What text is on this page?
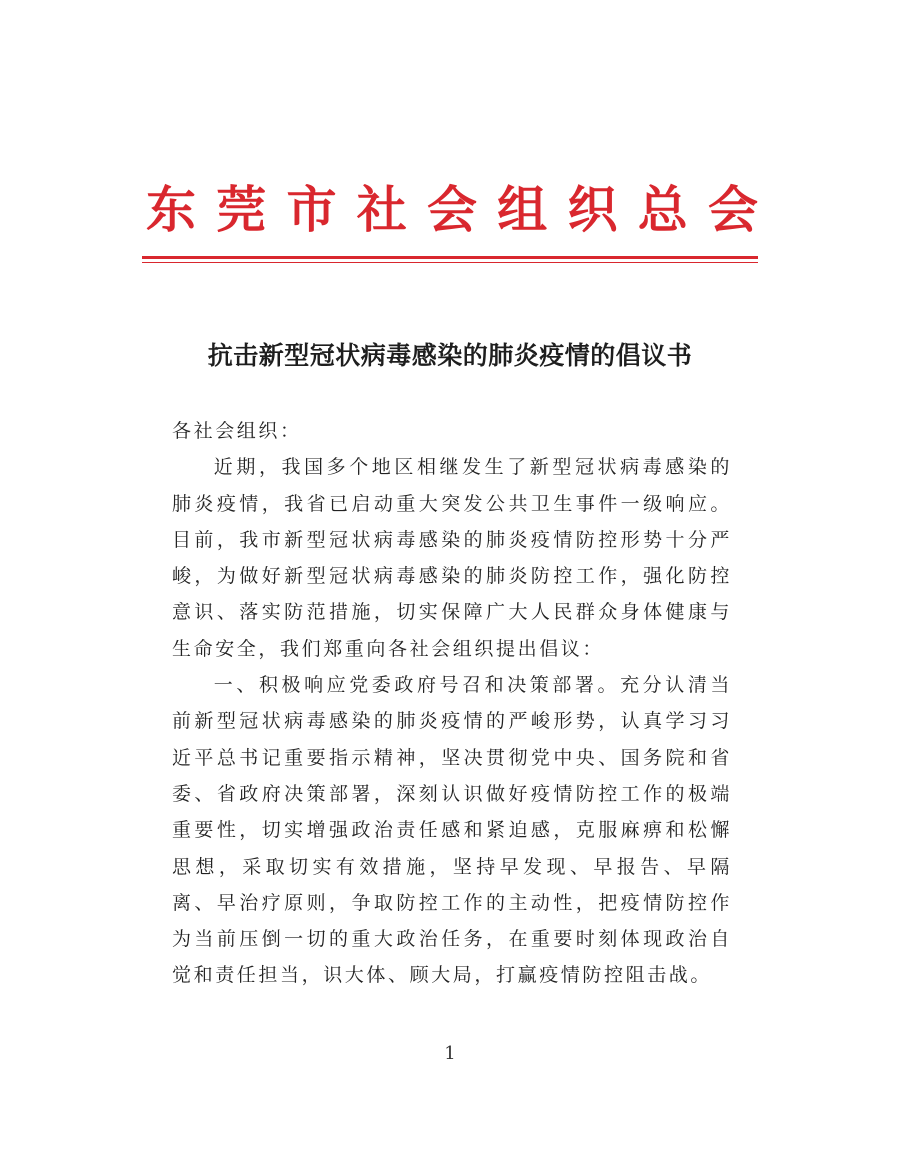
东 莞 市 社 会 组 织 总 会
抗击新型冠状病毒感染的肺炎疫情的倡议书

各社会组织：

近期，我国多个地区相继发生了新型冠状病毒感染的肺炎疫情，我省已启动重大突发公共卫生事件一级响应。目前，我市新型冠状病毒感染的肺炎疫情防控形势十分严峻，为做好新型冠状病毒感染的肺炎防控工作，强化防控意识、落实防范措施，切实保障广大人民群众身体健康与生命安全，我们郑重向各社会组织提出倡议：

一、积极响应党委政府号召和决策部署。充分认清当前新型冠状病毒感染的肺炎疫情的严峻形势，认真学习习近平总书记重要指示精神，坚决贯彻党中央、国务院和省委、省政府决策部署，深刻认识做好疫情防控工作的极端重要性，切实增强政治责任感和紧迫感，克服麻痹和松懈思想，采取切实有效措施，坚持早发现、早报告、早隔离、早治疗原则，争取防控工作的主动性，把疫情防控作为当前压倒一切的重大政治任务，在重要时刻体现政治自觉和责任担当，识大体、顾大局，打赢疫情防控阻击战。

1
